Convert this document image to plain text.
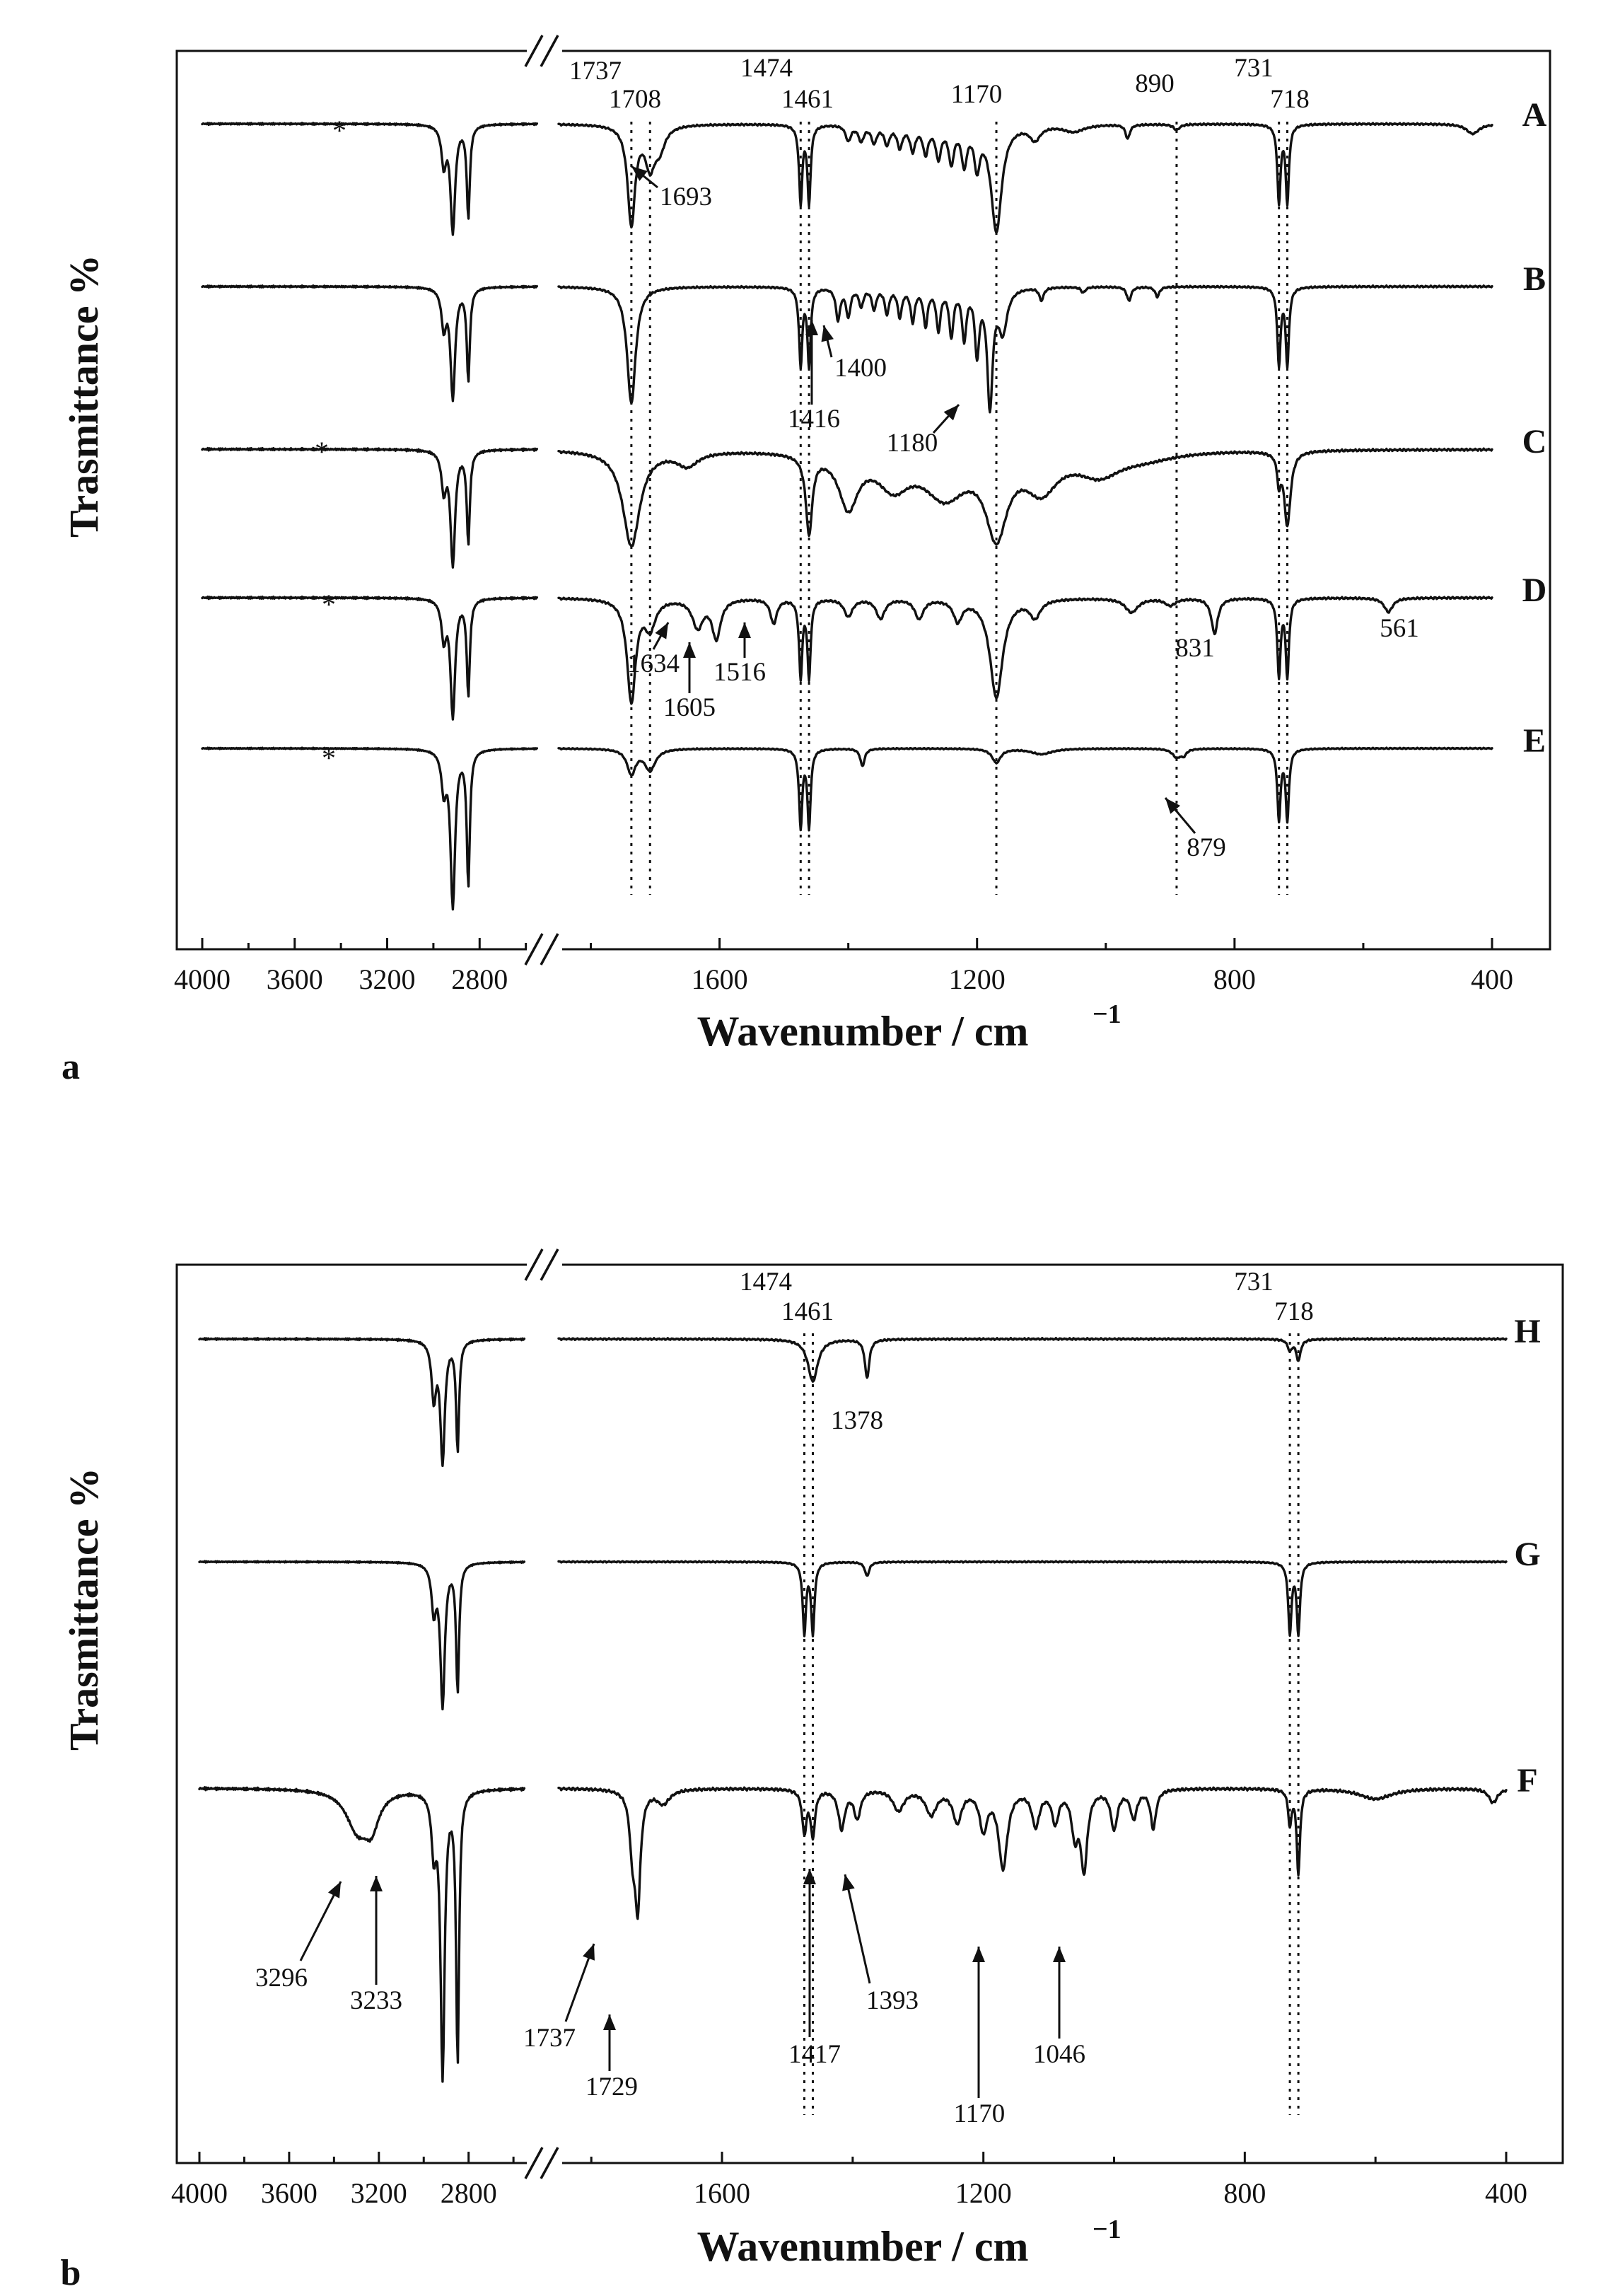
A
B
C
D
E
*
*
*
*
1737
1708
1474
1461	1170	890
731
718
1693
1400
1416
1180
1634
1605
1516
831
561
879
4000 3600 3200 2800	1600	1200	800	400
Wavenumber / cm −1
Trasmittance %
a
H
G
F
1474
1461
731
718
1378
3296
3233
1737
1729
1417
1393
1170
1046
4000 3600 3200 2800	1600	1200	800	400
Wavenumber / cm −1
Trasmittance %
b
